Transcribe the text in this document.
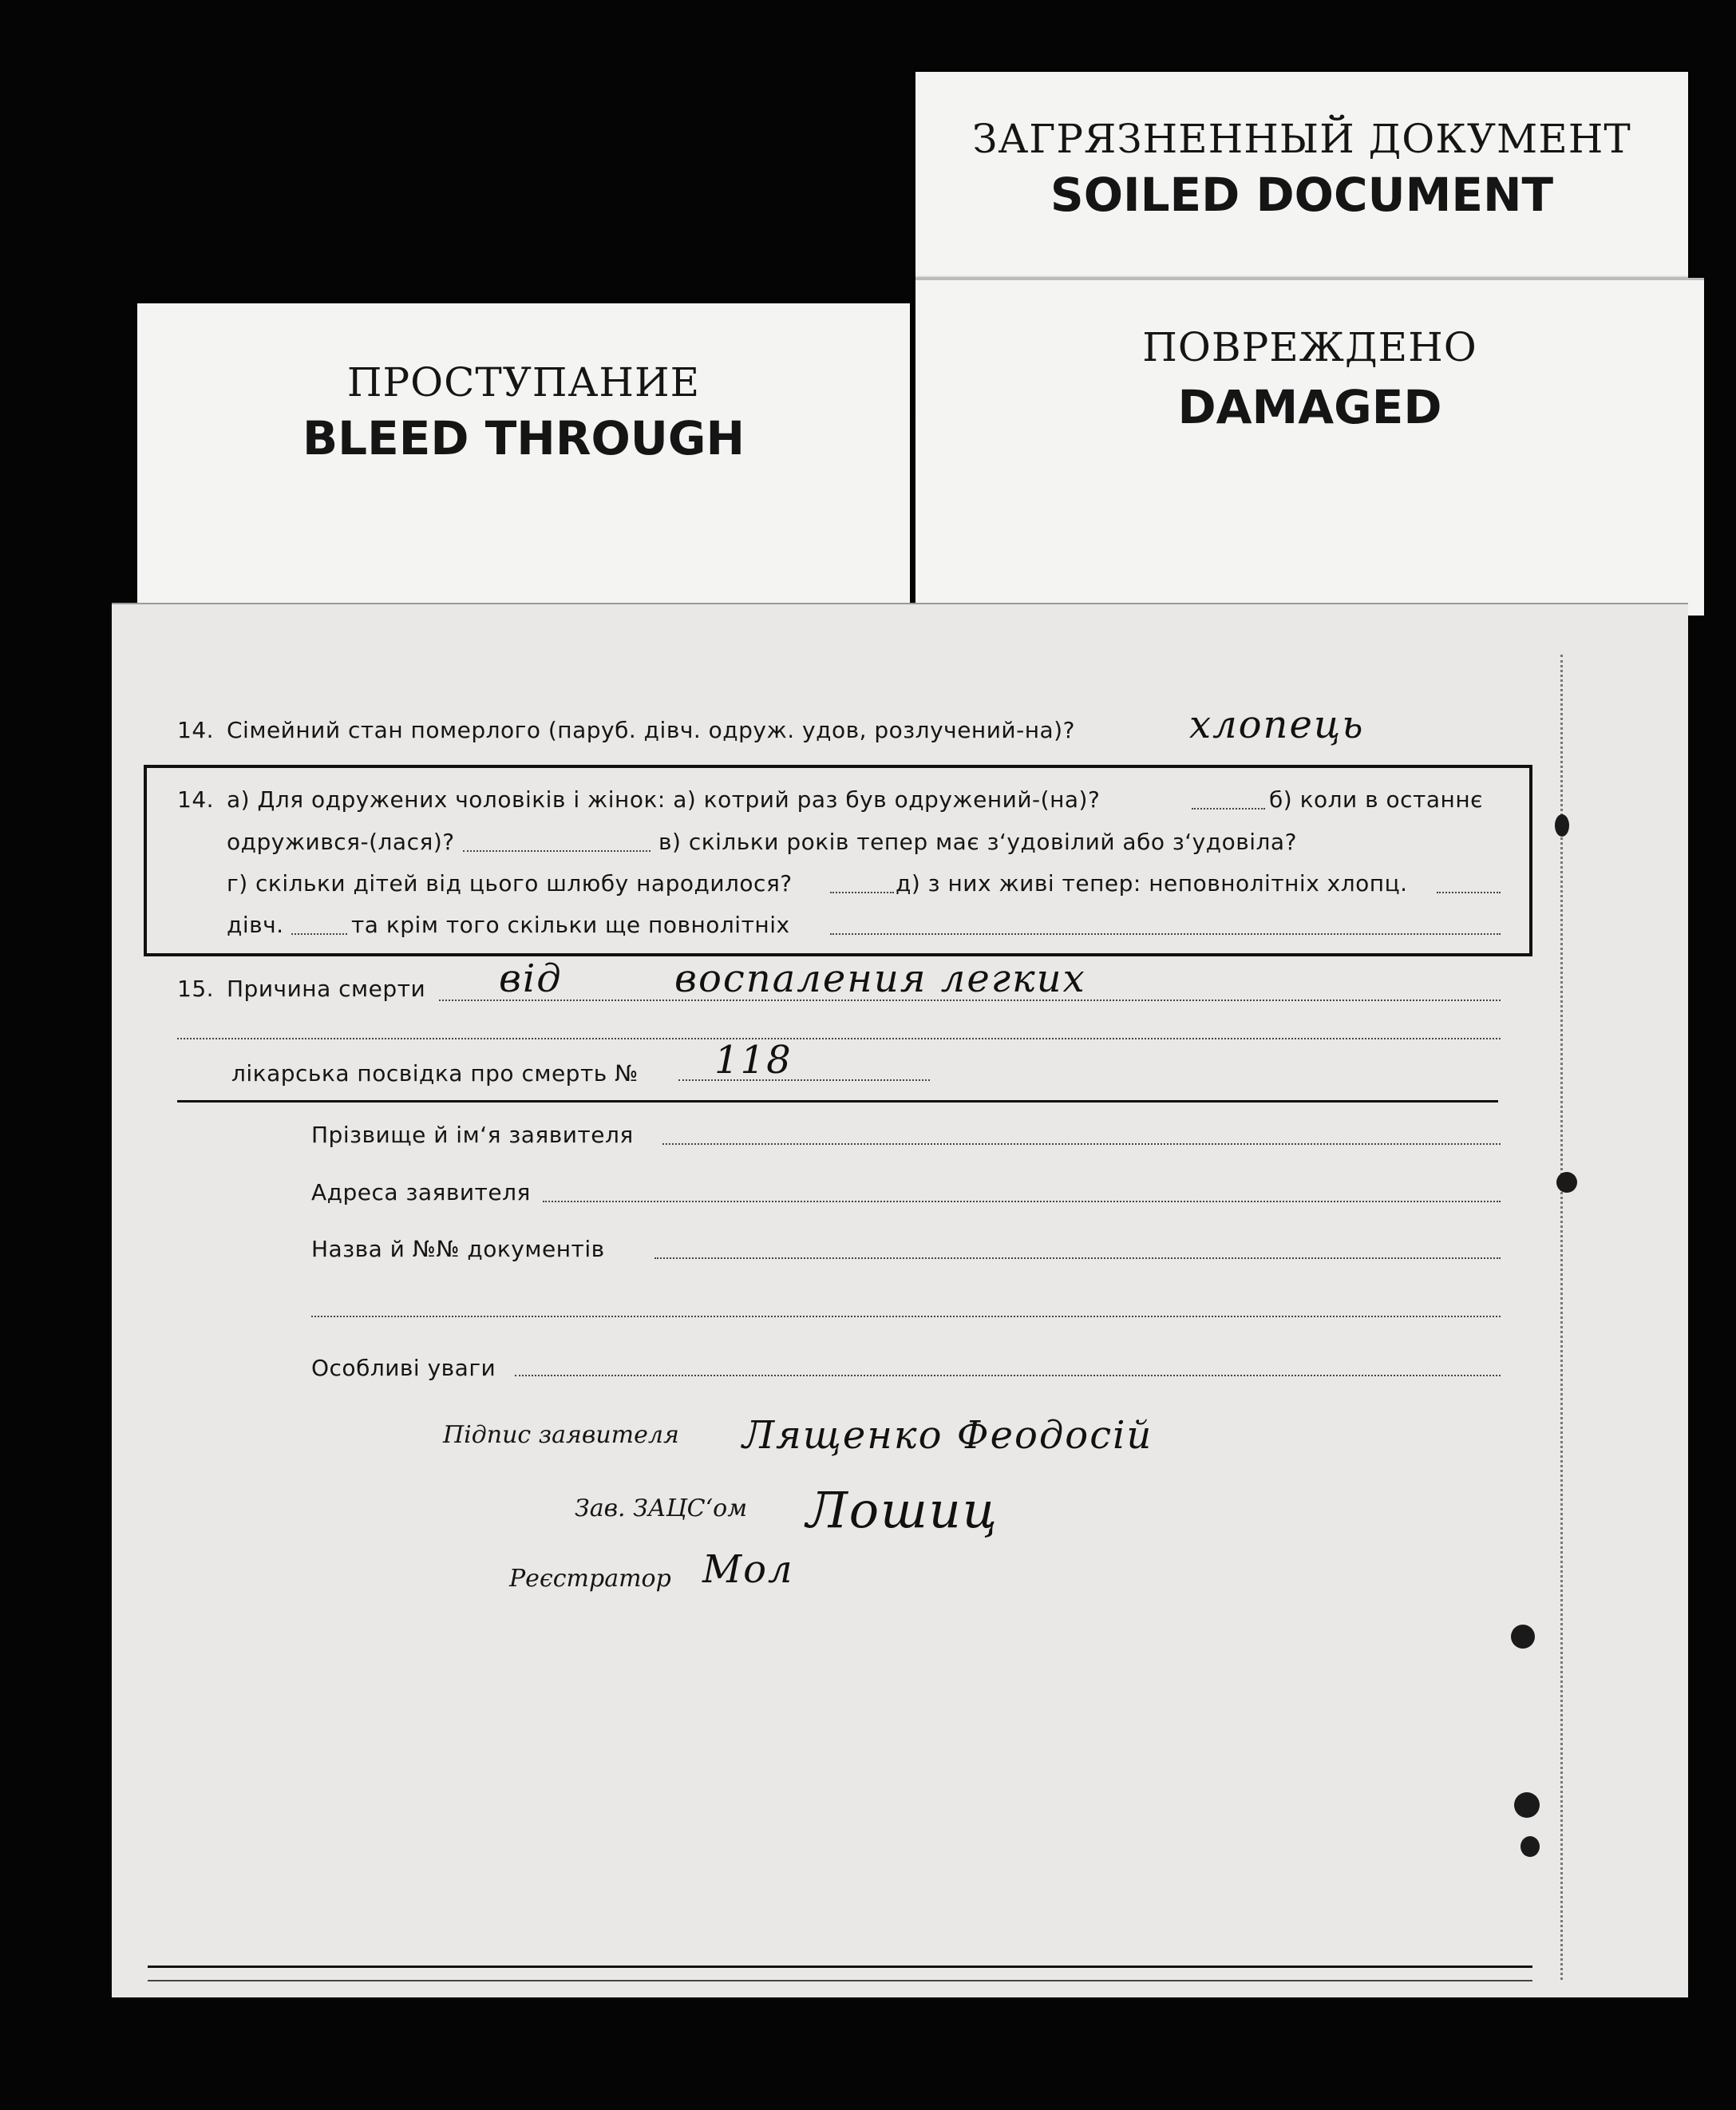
ЗАГРЯЗНЕННЫЙ ДОКУМЕНТ
SOILED DOCUMENT
ПОВРЕЖДЕНО
DAMAGED
ПРОСТУПАНИЕ
BLEED THROUGH
14. Сімейний стан померлого (паруб. дівч. одруж. удов, розлучений-на)?	хлопець
14. а) Для одружених чоловіків і жінок: а) котрий раз був одружений-(на)?	б) коли в останнє
одружився-(лася)?	в) скільки років тепер має з‘удовілий або з‘удовіла?
г) скільки дітей від цього шлюбу народилося?	д) з них живі тепер: неповнолітніх хлопц.
дівч.	та крім того скільки ще повнолітніх
15. Причина смерти від	воспаления легких
лікарська посвідка про смерть № 118
Прізвище й ім‘я заявителя
Адреса заявителя
Назва й №№ документів
Особливі уваги
Підпис заявителя Лященко Феодосій
Зав. ЗАЦС‘ом Лошиц
Реєстратор Мол
